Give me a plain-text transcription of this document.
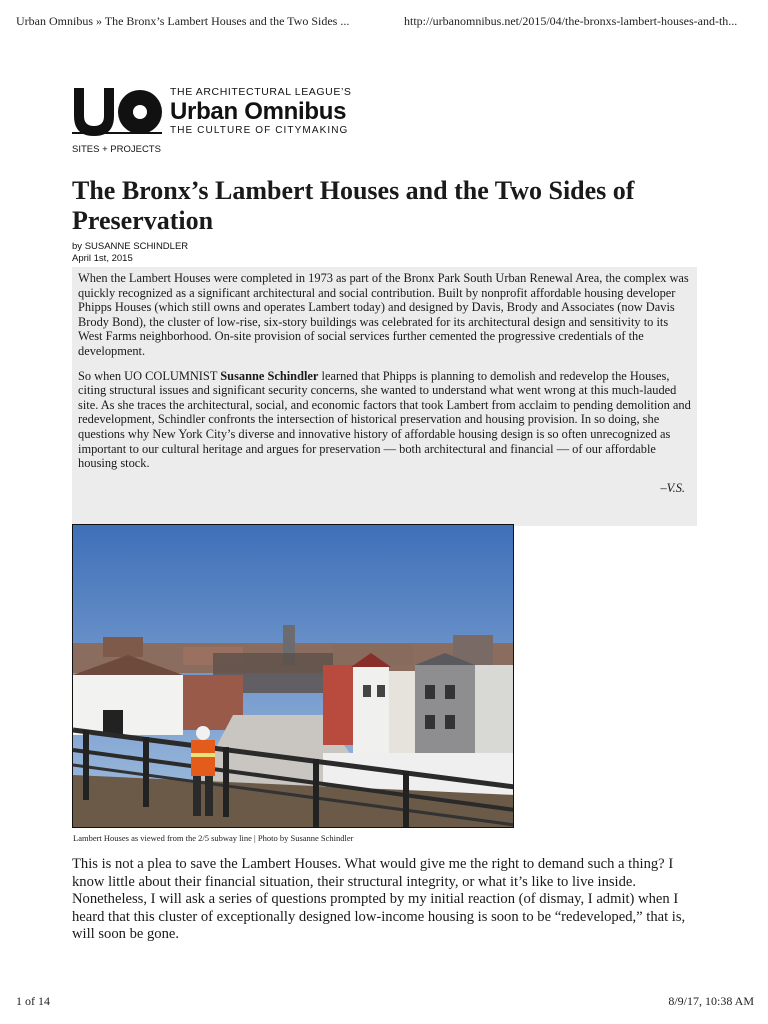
Urban Omnibus » The Bronx’s Lambert Houses and the Two Sides ...	http://urbanomnibus.net/2015/04/the-bronxs-lambert-houses-and-th...
THE ARCHITECTURAL LEAGUE’S
Urban Omnibus
THE CULTURE OF CITYMAKING
SITES + PROJECTS
The Bronx’s Lambert Houses and the Two Sides of Preservation
by SUSANNE SCHINDLER
April 1st, 2015

When the Lambert Houses were completed in 1973 as part of the Bronx Park South Urban Renewal Area, the complex was quickly recognized as a significant architectural and social contribution. Built by nonprofit affordable housing developer Phipps Houses (which still owns and operates Lambert today) and designed by Davis, Brody and Associates (now Davis Brody Bond), the cluster of low-rise, six-story buildings was celebrated for its architectural design and sensitivity to its West Farms neighborhood. On-site provision of social services further cemented the progressive credentials of the development.

So when UO COLUMNIST Susanne Schindler learned that Phipps is planning to demolish and redevelop the Houses, citing structural issues and significant security concerns, she wanted to understand what went wrong at this much-lauded site. As she traces the architectural, social, and economic factors that took Lambert from acclaim to pending demolition and redevelopment, Schindler confronts the intersection of historical preservation and housing provision. In so doing, she questions why New York City’s diverse and innovative history of affordable housing design is so often unrecognized as important to our cultural heritage and argues for preservation — both architectural and financial — of our affordable housing stock.

–V.S.

Lambert Houses as viewed from the 2/5 subway line | Photo by Susanne Schindler

This is not a plea to save the Lambert Houses. What would give me the right to demand such a thing? I know little about their financial situation, their structural integrity, or what it’s like to live inside. Nonetheless, I will ask a series of questions prompted by my initial reaction (of dismay, I admit) when I heard that this cluster of exceptionally designed low-income housing is soon to be “redeveloped,” that is, will soon be gone.

1 of 14	8/9/17, 10:38 AM
